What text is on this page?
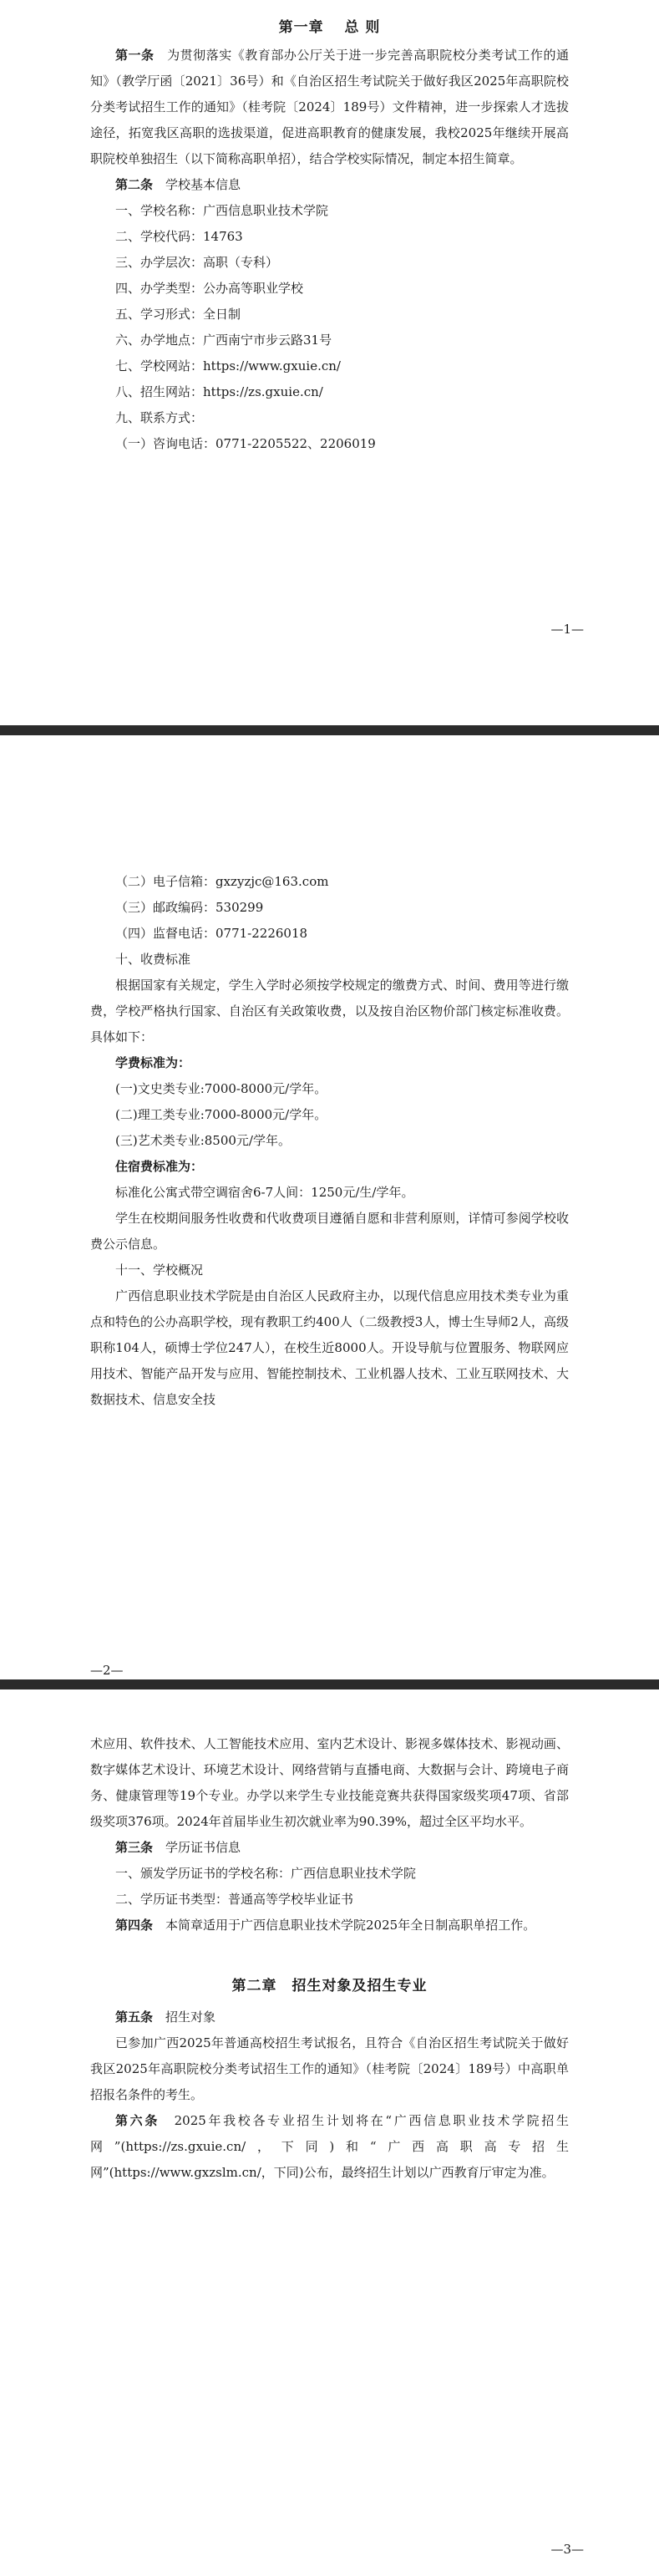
第一章　 总 则

第一条　为贯彻落实《教育部办公厅关于进一步完善高职院校分类考试工作的通知》（教学厅函〔2021〕36号）和《自治区招生考试院关于做好我区2025年高职院校分类考试招生工作的通知》（桂考院〔2024〕189号）文件精神，进一步探索人才选拔途径，拓宽我区高职的选拔渠道，促进高职教育的健康发展，我校2025年继续开展高职院校单独招生（以下简称高职单招），结合学校实际情况，制定本招生简章。

第二条　学校基本信息

一、学校名称：广西信息职业技术学院

二、学校代码：14763

三、办学层次：高职（专科）

四、办学类型：公办高等职业学校

五、学习形式：全日制

六、办学地点：广西南宁市步云路31号

七、学校网站：https://www.gxuie.cn/

八、招生网站：https://zs.gxuie.cn/

九、联系方式：

（一）咨询电话：0771-2205522、2206019

—1—

（二）电子信箱：gxzyzjc@163.com

（三）邮政编码：530299

（四）监督电话：0771-2226018

十、收费标准

根据国家有关规定，学生入学时必须按学校规定的缴费方式、时间、费用等进行缴费，学校严格执行国家、自治区有关政策收费，以及按自治区物价部门核定标准收费。具体如下：

学费标准为：

(一)文史类专业:7000-8000元/学年。

(二)理工类专业:7000-8000元/学年。

(三)艺术类专业:8500元/学年。

住宿费标准为：

标准化公寓式带空调宿舍6-7人间：1250元/生/学年。

学生在校期间服务性收费和代收费项目遵循自愿和非营利原则，详情可参阅学校收费公示信息。

十一、学校概况

广西信息职业技术学院是由自治区人民政府主办，以现代信息应用技术类专业为重点和特色的公办高职学校，现有教职工约400人（二级教授3人，博士生导师2人，高级职称104人，硕博士学位247人），在校生近8000人。开设导航与位置服务、物联网应用技术、智能产品开发与应用、智能控制技术、工业机器人技术、工业互联网技术、大数据技术、信息安全技

—2—

术应用、软件技术、人工智能技术应用、室内艺术设计、影视多媒体技术、影视动画、数字媒体艺术设计、环境艺术设计、网络营销与直播电商、大数据与会计、跨境电子商务、健康管理等19个专业。办学以来学生专业技能竞赛共获得国家级奖项47项、省部级奖项376项。2024年首届毕业生初次就业率为90.39%，超过全区平均水平。

第三条　学历证书信息

一、颁发学历证书的学校名称：广西信息职业技术学院

二、学历证书类型：普通高等学校毕业证书

第四条　本简章适用于广西信息职业技术学院2025年全日制高职单招工作。

第二章　招生对象及招生专业

第五条　招生对象

已参加广西2025年普通高校招生考试报名，且符合《自治区招生考试院关于做好我区2025年高职院校分类考试招生工作的通知》（桂考院〔2024〕189号）中高职单招报名条件的考生。

第六条　2025年我校各专业招生计划将在“广西信息职业技术学院招生网”(https://zs.gxuie.cn/，下同)和“广西高职高专招生网”(https://www.gxzslm.cn/，下同)公布，最终招生计划以广西教育厅审定为准。

—3—
